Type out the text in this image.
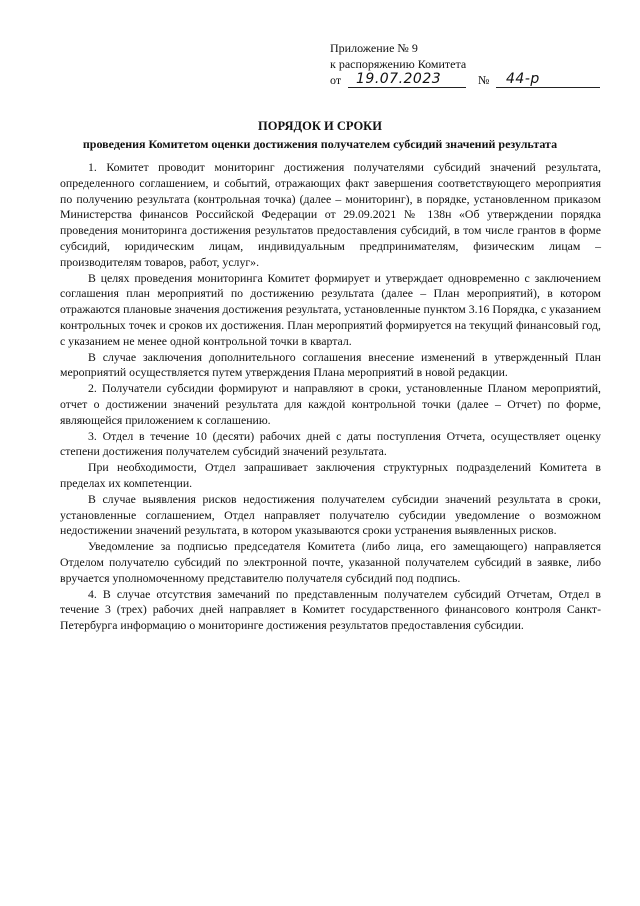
Приложение № 9
к распоряжению Комитета
от 19.07.2023	№ 44-р
ПОРЯДОК И СРОКИ
проведения Комитетом оценки достижения получателем субсидий значений результата

1. Комитет проводит мониторинг достижения получателями субсидий значений результата, определенного соглашением, и событий, отражающих факт завершения соответствующего мероприятия по получению результата (контрольная точка) (далее – мониторинг), в порядке, установленном приказом Министерства финансов Российской Федерации от 29.09.2021 № 138н «Об утверждении порядка проведения мониторинга достижения результатов предоставления субсидий, в том числе грантов в форме субсидий, юридическим лицам, индивидуальным предпринимателям, физическим лицам – производителям товаров, работ, услуг».

В целях проведения мониторинга Комитет формирует и утверждает одновременно с заключением соглашения план мероприятий по достижению результата (далее – План мероприятий), в котором отражаются плановые значения достижения результата, установленные пунктом 3.16 Порядка, с указанием контрольных точек и сроков их достижения. План мероприятий формируется на текущий финансовый год, с указанием не менее одной контрольной точки в квартал.

В случае заключения дополнительного соглашения внесение изменений в утвержденный План мероприятий осуществляется путем утверждения Плана мероприятий в новой редакции.

2. Получатели субсидии формируют и направляют в сроки, установленные Планом мероприятий, отчет о достижении значений результата для каждой контрольной точки (далее – Отчет) по форме, являющейся приложением к соглашению.

3. Отдел в течение 10 (десяти) рабочих дней с даты поступления Отчета, осуществляет оценку степени достижения получателем субсидий значений результата.

При необходимости, Отдел запрашивает заключения структурных подразделений Комитета в пределах их компетенции.

В случае выявления рисков недостижения получателем субсидии значений результата в сроки, установленные соглашением, Отдел направляет получателю субсидии уведомление о возможном недостижении значений результата, в котором указываются сроки устранения выявленных рисков.

Уведомление за подписью председателя Комитета (либо лица, его замещающего) направляется Отделом получателю субсидий по электронной почте, указанной получателем субсидий в заявке, либо вручается уполномоченному представителю получателя субсидий под подпись.

4. В случае отсутствия замечаний по представленным получателем субсидий Отчетам, Отдел в течение 3 (трех) рабочих дней направляет в Комитет государственного финансового контроля Санкт-Петербурга информацию о мониторинге достижения результатов предоставления субсидии.
